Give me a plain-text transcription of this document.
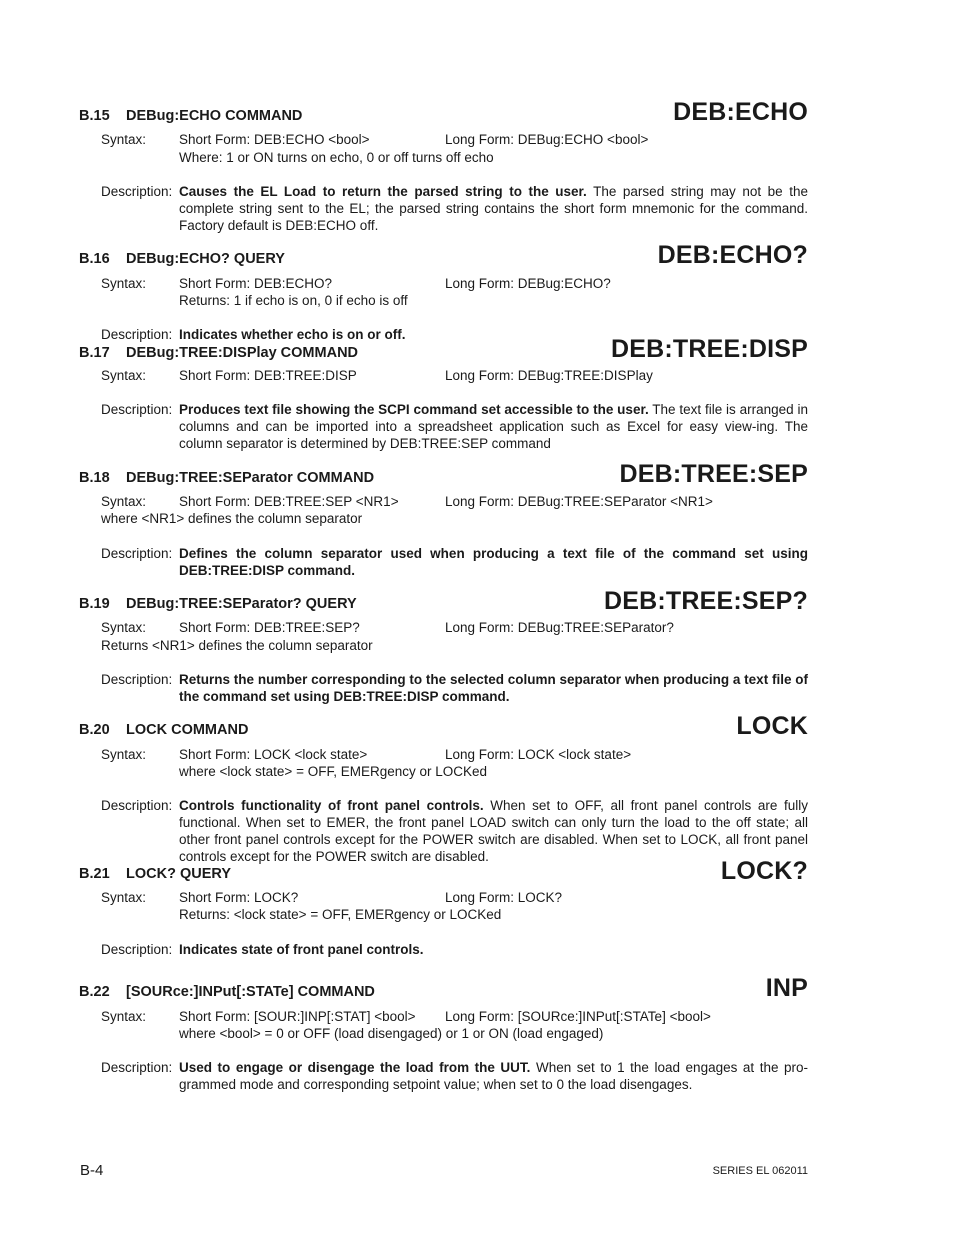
B.15 DEBug:ECHO COMMAND	DEB:ECHO
Syntax: Short Form: DEB:ECHO <bool>	Long Form: DEBug:ECHO <bool>
Where: 1 or ON turns on echo, 0 or off turns off echo
Description: Causes the EL Load to return the parsed string to the user. The parsed string may not be the complete string sent to the EL; the parsed string contains the short form mnemonic for the command. Factory default is DEB:ECHO off.
B.16 DEBug:ECHO? QUERY	DEB:ECHO?
Syntax: Short Form: DEB:ECHO?	Long Form: DEBug:ECHO?
Returns: 1 if echo is on, 0 if echo is off
Description: Indicates whether echo is on or off.
B.17 DEBug:TREE:DISPlay COMMAND	DEB:TREE:DISP
Syntax: Short Form: DEB:TREE:DISP	Long Form: DEBug:TREE:DISPlay
Description: Produces text file showing the SCPI command set accessible to the user. The text file is arranged in columns and can be imported into a spreadsheet application such as Excel for easy view-ing. The column separator is determined by DEB:TREE:SEP command
B.18 DEBug:TREE:SEParator COMMAND	DEB:TREE:SEP
Syntax: Short Form: DEB:TREE:SEP <NR1>	Long Form: DEBug:TREE:SEParator <NR1>
where <NR1> defines the column separator
Description: Defines the column separator used when producing a text file of the command set using DEB:TREE:DISP command.
B.19 DEBug:TREE:SEParator? QUERY	DEB:TREE:SEP?
Syntax: Short Form: DEB:TREE:SEP?	Long Form: DEBug:TREE:SEParator?
Returns <NR1> defines the column separator
Description: Returns the number corresponding to the selected column separator when producing a text file of the command set using DEB:TREE:DISP command.
B.20 LOCK COMMAND	LOCK
Syntax: Short Form: LOCK <lock state>	Long Form: LOCK <lock state>
where <lock state> = OFF, EMERgency or LOCKed
Description: Controls functionality of front panel controls. When set to OFF, all front panel controls are fully functional. When set to EMER, the front panel LOAD switch can only turn the load to the off state; all other front panel controls except for the POWER switch are disabled. When set to LOCK, all front panel controls except for the POWER switch are disabled.
B.21 LOCK? QUERY	LOCK?
Syntax: Short Form: LOCK?	Long Form: LOCK?
Returns: <lock state> = OFF, EMERgency or LOCKed
Description: Indicates state of front panel controls.
B.22 [SOURce:]INPut[:STATe] COMMAND	INP
Syntax: Short Form: [SOUR:]INP[:STAT] <bool> Long Form: [SOURce:]INPut[:STATe] <bool>
where <bool> = 0 or OFF (load disengaged) or 1 or ON (load engaged)
Description: Used to engage or disengage the load from the UUT. When set to 1 the load engages at the pro-grammed mode and corresponding setpoint value; when set to 0 the load disengages.
B-4	SERIES EL 062011
